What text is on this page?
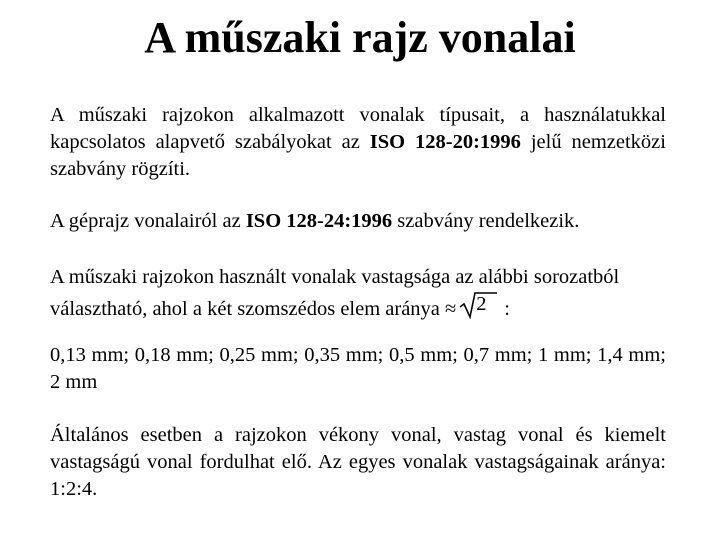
A műszaki rajz vonalai

A műszaki rajzokon alkalmazott vonalak típusait, a használatukkal kapcsolatos alapvető szabályokat az ISO 128-20:1996 jelű nemzetközi szabvány rögzíti.

A géprajz vonalairól az ISO 128-24:1996 szabvány rendelkezik.

A műszaki rajzokon használt vonalak vastagsága az alábbi sorozatból
választható, ahol a két szomszédos elem aránya ≈ 2 :

0,13 mm; 0,18 mm; 0,25 mm; 0,35 mm; 0,5 mm; 0,7 mm; 1 mm; 1,4 mm; 2 mm

Általános esetben a rajzokon vékony vonal, vastag vonal és kiemelt vastagságú vonal fordulhat elő. Az egyes vonalak vastagságainak aránya: 1:2:4.
